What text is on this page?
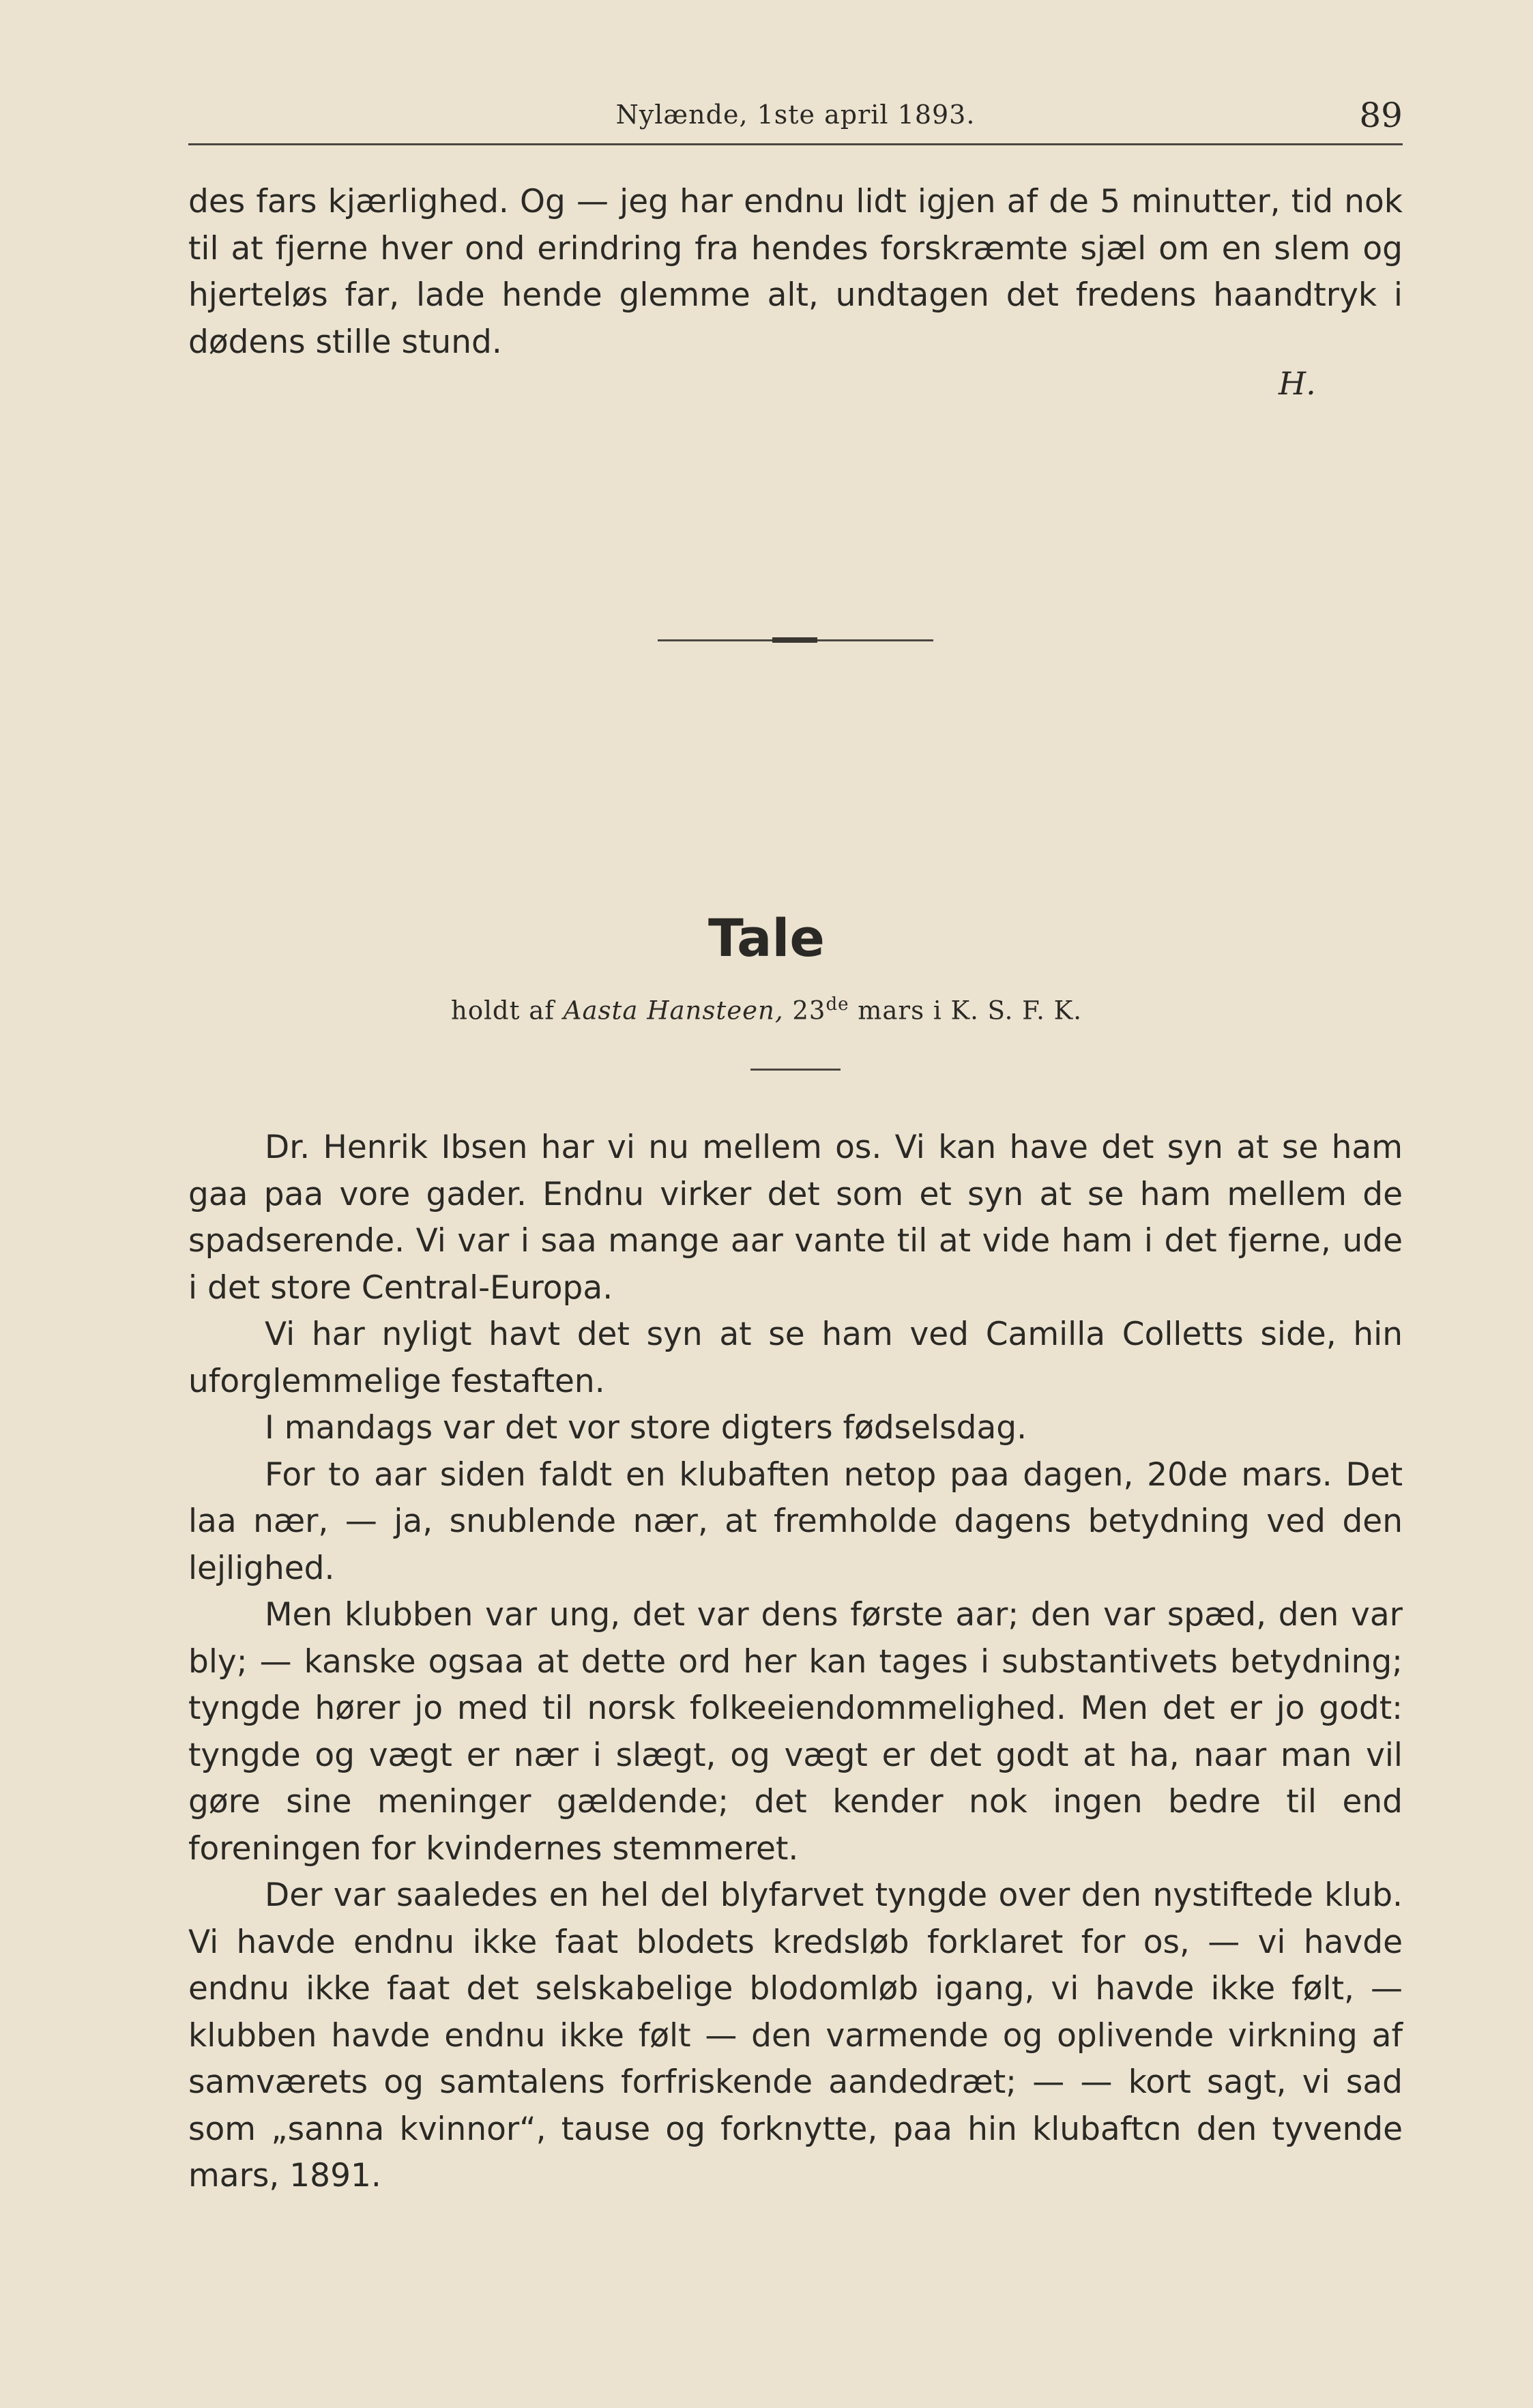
Nylænde, 1ste april 1893.	89

des fars kjærlighed. Og — jeg har endnu lidt igjen af de 5 minutter, tid nok til at fjerne hver ond erindring fra hendes forskræmte sjæl om en slem og hjerteløs far, lade hende glemme alt, undtagen det fredens haandtryk i dødens stille stund.

H.
Tale
holdt af Aasta Hansteen, 23de mars i K. S. F. K.

Dr. Henrik Ibsen har vi nu mellem os. Vi kan have det syn at se ham gaa paa vore gader. Endnu virker det som et syn at se ham mellem de spadserende. Vi var i saa mange aar vante til at vide ham i det fjerne, ude i det store Central-Europa.

Vi har nyligt havt det syn at se ham ved Camilla Colletts side, hin uforglemmelige festaften.

I mandags var det vor store digters fødselsdag.

For to aar siden faldt en klubaften netop paa dagen, 20de mars. Det laa nær, — ja, snublende nær, at fremholde dagens betydning ved den lejlighed.

Men klubben var ung, det var dens første aar; den var spæd, den var bly; — kanske ogsaa at dette ord her kan tages i substantivets betydning; tyngde hører jo med til norsk folkeeiendommelighed. Men det er jo godt: tyngde og vægt er nær i slægt, og vægt er det godt at ha, naar man vil gøre sine meninger gældende; det kender nok ingen bedre til end foreningen for kvindernes stemmeret.

Der var saaledes en hel del blyfarvet tyngde over den nystiftede klub. Vi havde endnu ikke faat blodets kredsløb forklaret for os, — vi havde endnu ikke faat det selskabelige blodomløb igang, vi havde ikke følt, — klubben havde endnu ikke følt — den varmende og oplivende virkning af samværets og samtalens forfriskende aandedræt; — — kort sagt, vi sad som „sanna kvinnor“, tause og forknytte, paa hin klubaftcn den tyvende mars, 1891.
